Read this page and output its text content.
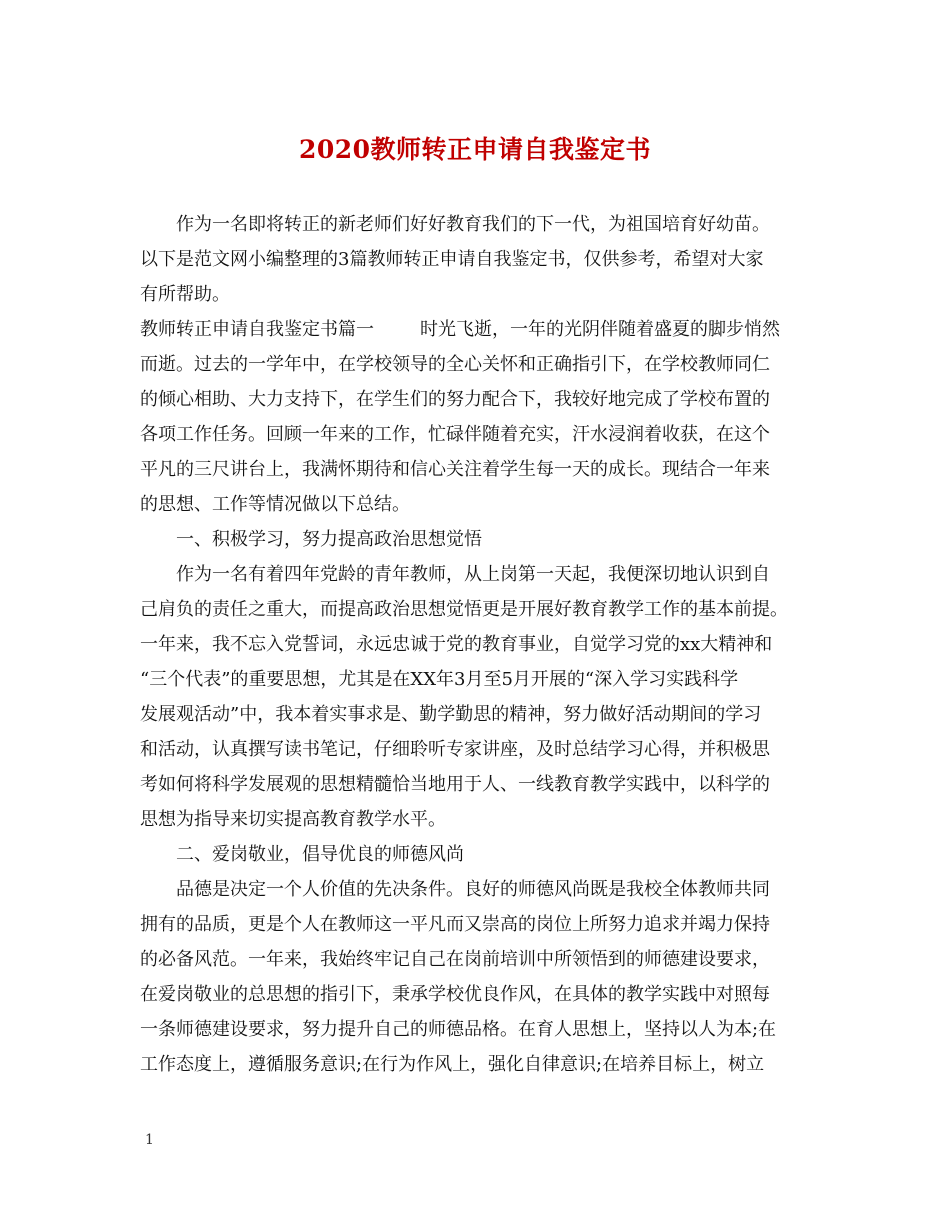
2020教师转正申请自我鉴定书
作为一名即将转正的新老师们好好教育我们的下一代，为祖国培育好幼苗。
以下是范文网小编整理的3篇教师转正申请自我鉴定书，仅供参考，希望对大家
有所帮助。
教师转正申请自我鉴定书篇一	时光飞逝，一年的光阴伴随着盛夏的脚步悄然
而逝。过去的一学年中，在学校领导的全心关怀和正确指引下，在学校教师同仁
的倾心相助、大力支持下，在学生们的努力配合下，我较好地完成了学校布置的
各项工作任务。回顾一年来的工作，忙碌伴随着充实，汗水浸润着收获，在这个
平凡的三尺讲台上，我满怀期待和信心关注着学生每一天的成长。现结合一年来
的思想、工作等情况做以下总结。
一、积极学习，努力提高政治思想觉悟
作为一名有着四年党龄的青年教师，从上岗第一天起，我便深切地认识到自
己肩负的责任之重大，而提高政治思想觉悟更是开展好教育教学工作的基本前提。
一年来，我不忘入党誓词，永远忠诚于党的教育事业，自觉学习党的xx大精神和
“三个代表”的重要思想，尤其是在XX年3月至5月开展的“深入学习实践科学
发展观活动”中，我本着实事求是、勤学勤思的精神，努力做好活动期间的学习
和活动，认真撰写读书笔记，仔细聆听专家讲座，及时总结学习心得，并积极思
考如何将科学发展观的思想精髓恰当地用于人、一线教育教学实践中，以科学的
思想为指导来切实提高教育教学水平。
二、爱岗敬业，倡导优良的师德风尚
品德是决定一个人价值的先决条件。良好的师德风尚既是我校全体教师共同
拥有的品质，更是个人在教师这一平凡而又崇高的岗位上所努力追求并竭力保持
的必备风范。一年来，我始终牢记自己在岗前培训中所领悟到的师德建设要求，
在爱岗敬业的总思想的指引下，秉承学校优良作风，在具体的教学实践中对照每
一条师德建设要求，努力提升自己的师德品格。在育人思想上，坚持以人为本;在
工作态度上，遵循服务意识;在行为作风上，强化自律意识;在培养目标上，树立
1
